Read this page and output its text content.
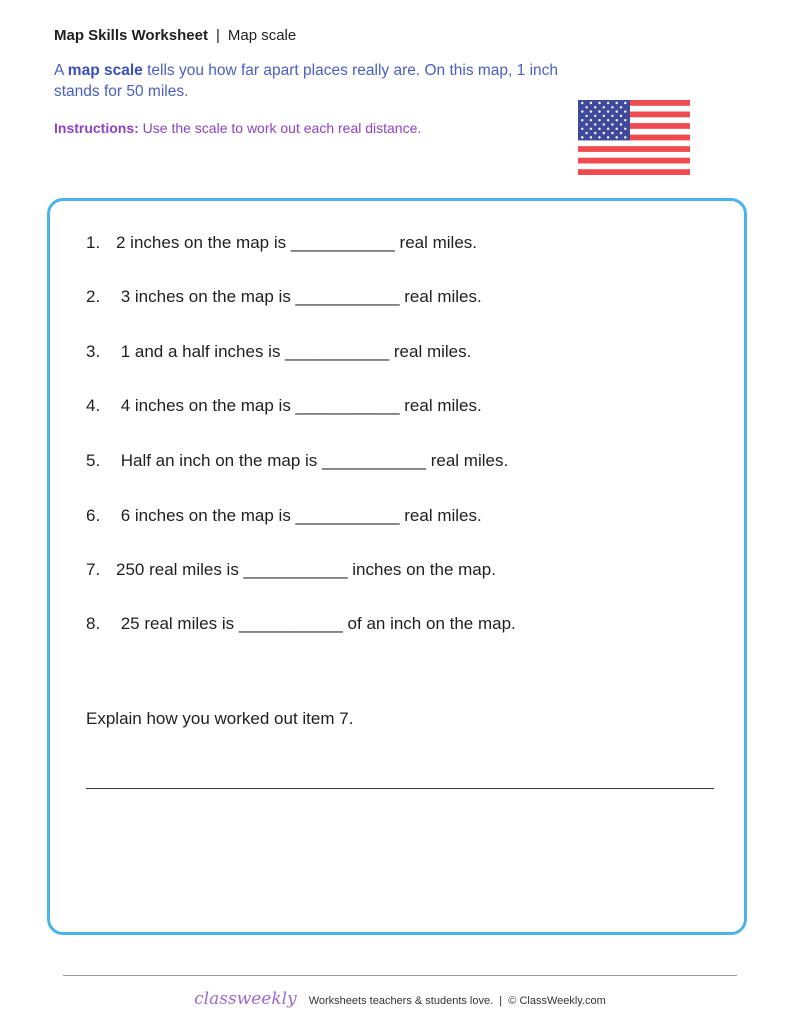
Map Skills Worksheet | Map scale
A map scale tells you how far apart places really are. On this map, 1 inch stands for 50 miles.
Instructions: Use the scale to work out each real distance.
1. 2 inches on the map is ___________ real miles.
2. 3 inches on the map is ___________ real miles.
3. 1 and a half inches is ___________ real miles.
4. 4 inches on the map is ___________ real miles.
5. Half an inch on the map is ___________ real miles.
6. 6 inches on the map is ___________ real miles.
7. 250 real miles is ___________ inches on the map.
8. 25 real miles is ___________ of an inch on the map.
Explain how you worked out item 7.
classweekly Worksheets teachers & students love. | © ClassWeekly.com
